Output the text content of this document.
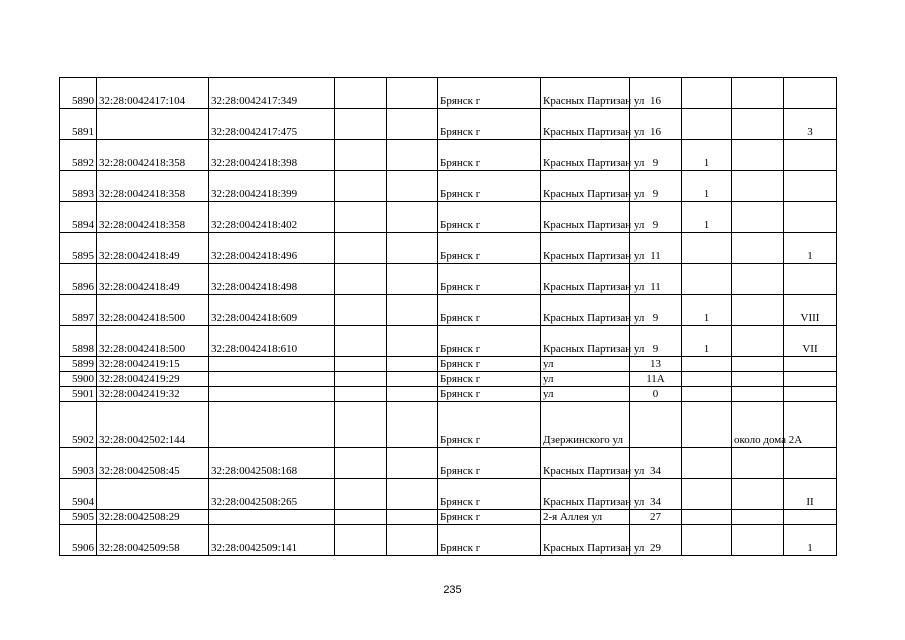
5890	32:28:0042417:104	32:28:0042417:349			Брянск г	Красных Партизан ул	16			
5891		32:28:0042417:475			Брянск г	Красных Партизан ул	16			3
5892	32:28:0042418:358	32:28:0042418:398			Брянск г	Красных Партизан ул	9	1		
5893	32:28:0042418:358	32:28:0042418:399			Брянск г	Красных Партизан ул	9	1		
5894	32:28:0042418:358	32:28:0042418:402			Брянск г	Красных Партизан ул	9	1		
5895	32:28:0042418:49	32:28:0042418:496			Брянск г	Красных Партизан ул	11			1
5896	32:28:0042418:49	32:28:0042418:498			Брянск г	Красных Партизан ул	11			
5897	32:28:0042418:500	32:28:0042418:609			Брянск г	Красных Партизан ул	9	1		VIII
5898	32:28:0042418:500	32:28:0042418:610			Брянск г	Красных Партизан ул	9	1		VII
5899	32:28:0042419:15				Брянск г	ул	13			
5900	32:28:0042419:29				Брянск г	ул	11А			
5901	32:28:0042419:32				Брянск г	ул	0			
5902	32:28:0042502:144				Брянск г	Дзержинского ул			около дома 2А	
5903	32:28:0042508:45	32:28:0042508:168			Брянск г	Красных Партизан ул	34			
5904		32:28:0042508:265			Брянск г	Красных Партизан ул	34			II
5905	32:28:0042508:29				Брянск г	2-я Аллея ул	27			
5906	32:28:0042509:58	32:28:0042509:141			Брянск г	Красных Партизан ул	29			1
235
